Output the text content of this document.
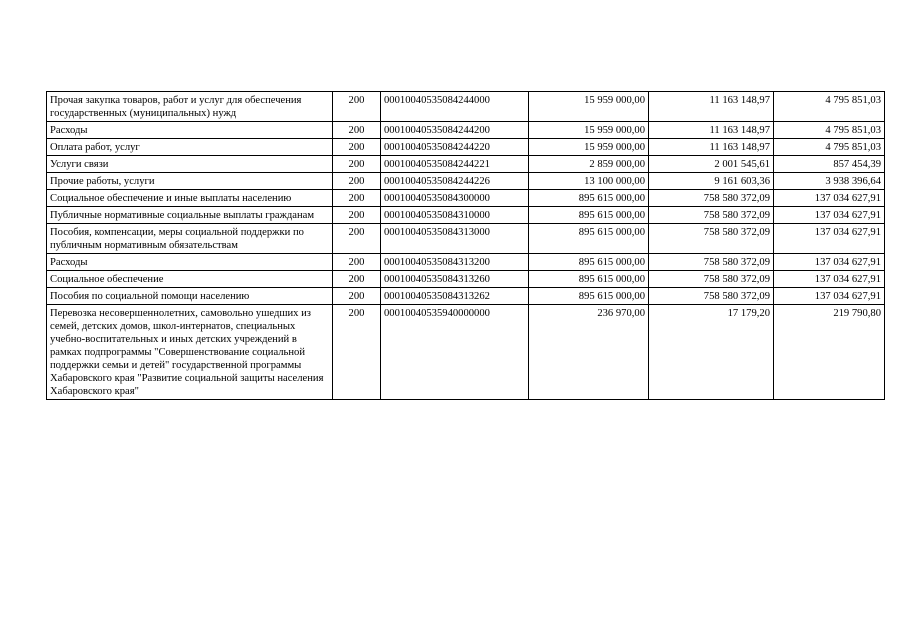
Прочая закупка товаров, работ и услуг для обеспечения государственных (муниципальных) нужд	200	00010040535084244000	15 959 000,00	11 163 148,97	4 795 851,03
Расходы	200	00010040535084244200	15 959 000,00	11 163 148,97	4 795 851,03
Оплата работ, услуг	200	00010040535084244220	15 959 000,00	11 163 148,97	4 795 851,03
Услуги связи	200	00010040535084244221	2 859 000,00	2 001 545,61	857 454,39
Прочие работы, услуги	200	00010040535084244226	13 100 000,00	9 161 603,36	3 938 396,64
Социальное обеспечение и иные выплаты населению	200	00010040535084300000	895 615 000,00	758 580 372,09	137 034 627,91
Публичные нормативные социальные выплаты гражданам	200	00010040535084310000	895 615 000,00	758 580 372,09	137 034 627,91
Пособия, компенсации, меры социальной поддержки по публичным нормативным обязательствам	200	00010040535084313000	895 615 000,00	758 580 372,09	137 034 627,91
Расходы	200	00010040535084313200	895 615 000,00	758 580 372,09	137 034 627,91
Социальное обеспечение	200	00010040535084313260	895 615 000,00	758 580 372,09	137 034 627,91
Пособия по социальной помощи населению	200	00010040535084313262	895 615 000,00	758 580 372,09	137 034 627,91
Перевозка несовершеннолетних, самовольно ушедших из семей, детских домов, школ-интернатов, специальных учебно-воспитательных и иных детских учреждений в рамках подпрограммы "Совершенствование социальной поддержки семьи и детей" государственной программы Хабаровского края "Развитие социальной защиты населения Хабаровского края"	200	00010040535940000000	236 970,00	17 179,20	219 790,80
